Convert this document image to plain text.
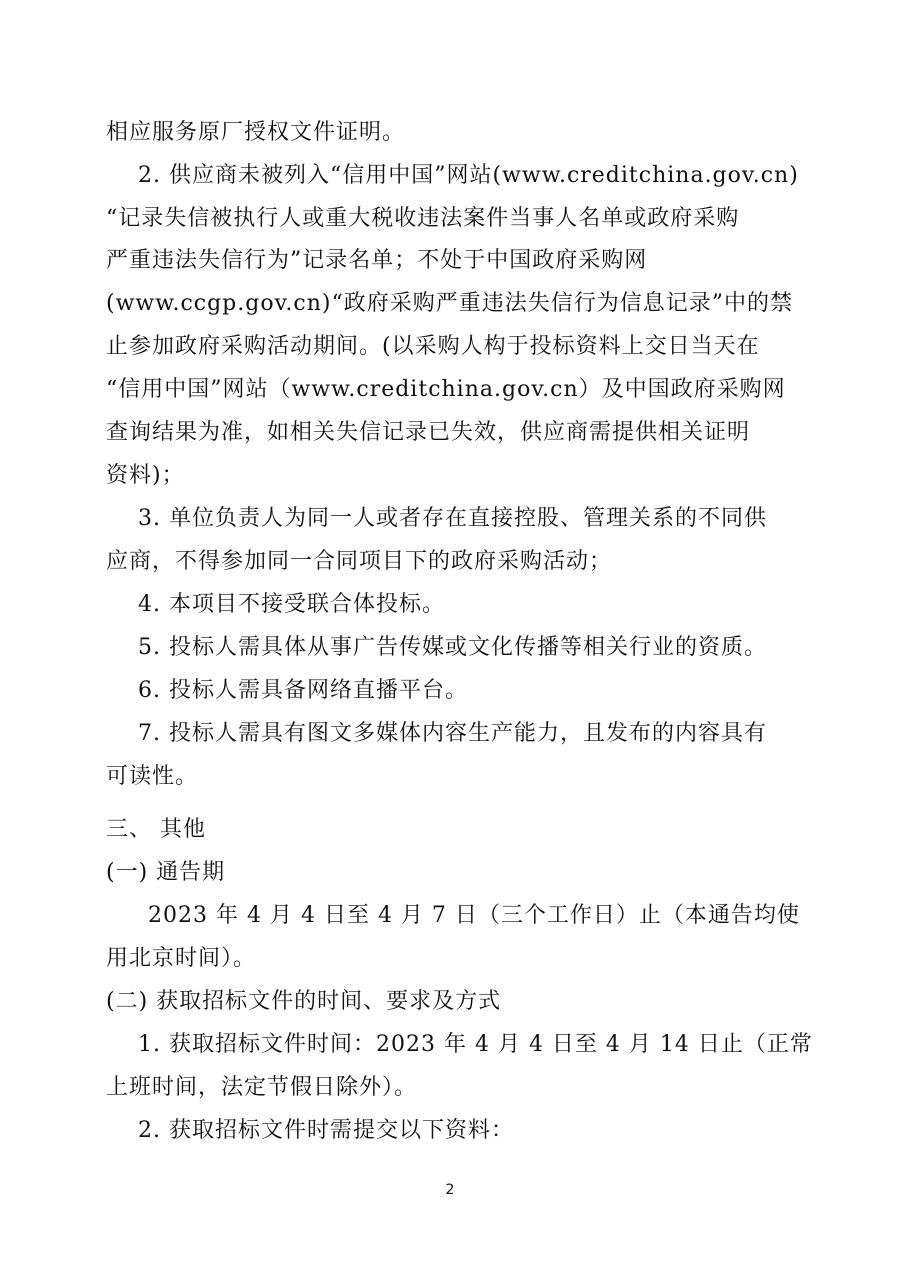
相应服务原厂授权文件证明。
2. 供应商未被列入“信用中国”网站(www.creditchina.gov.cn)
“记录失信被执行人或重大税收违法案件当事人名单或政府采购
严重违法失信行为”记录名单；不处于中国政府采购网
(www.ccgp.gov.cn)“政府采购严重违法失信行为信息记录”中的禁
止参加政府采购活动期间。(以采购人构于投标资料上交日当天在
“信用中国”网站（www.creditchina.gov.cn）及中国政府采购网
查询结果为准，如相关失信记录已失效，供应商需提供相关证明
资料)；
3. 单位负责人为同一人或者存在直接控股、管理关系的不同供
应商，不得参加同一合同项目下的政府采购活动；
4. 本项目不接受联合体投标。
5. 投标人需具体从事广告传媒或文化传播等相关行业的资质。
6. 投标人需具备网络直播平台。
7. 投标人需具有图文多媒体内容生产能力，且发布的内容具有
可读性。
三、 其他
(一) 通告期
2023 年 4 月 4 日至 4 月 7 日（三个工作日）止（本通告均使
用北京时间）。
(二) 获取招标文件的时间、要求及方式
1. 获取招标文件时间：2023 年 4 月 4 日至 4 月 14 日止（正常
上班时间，法定节假日除外）。
2. 获取招标文件时需提交以下资料：
2
